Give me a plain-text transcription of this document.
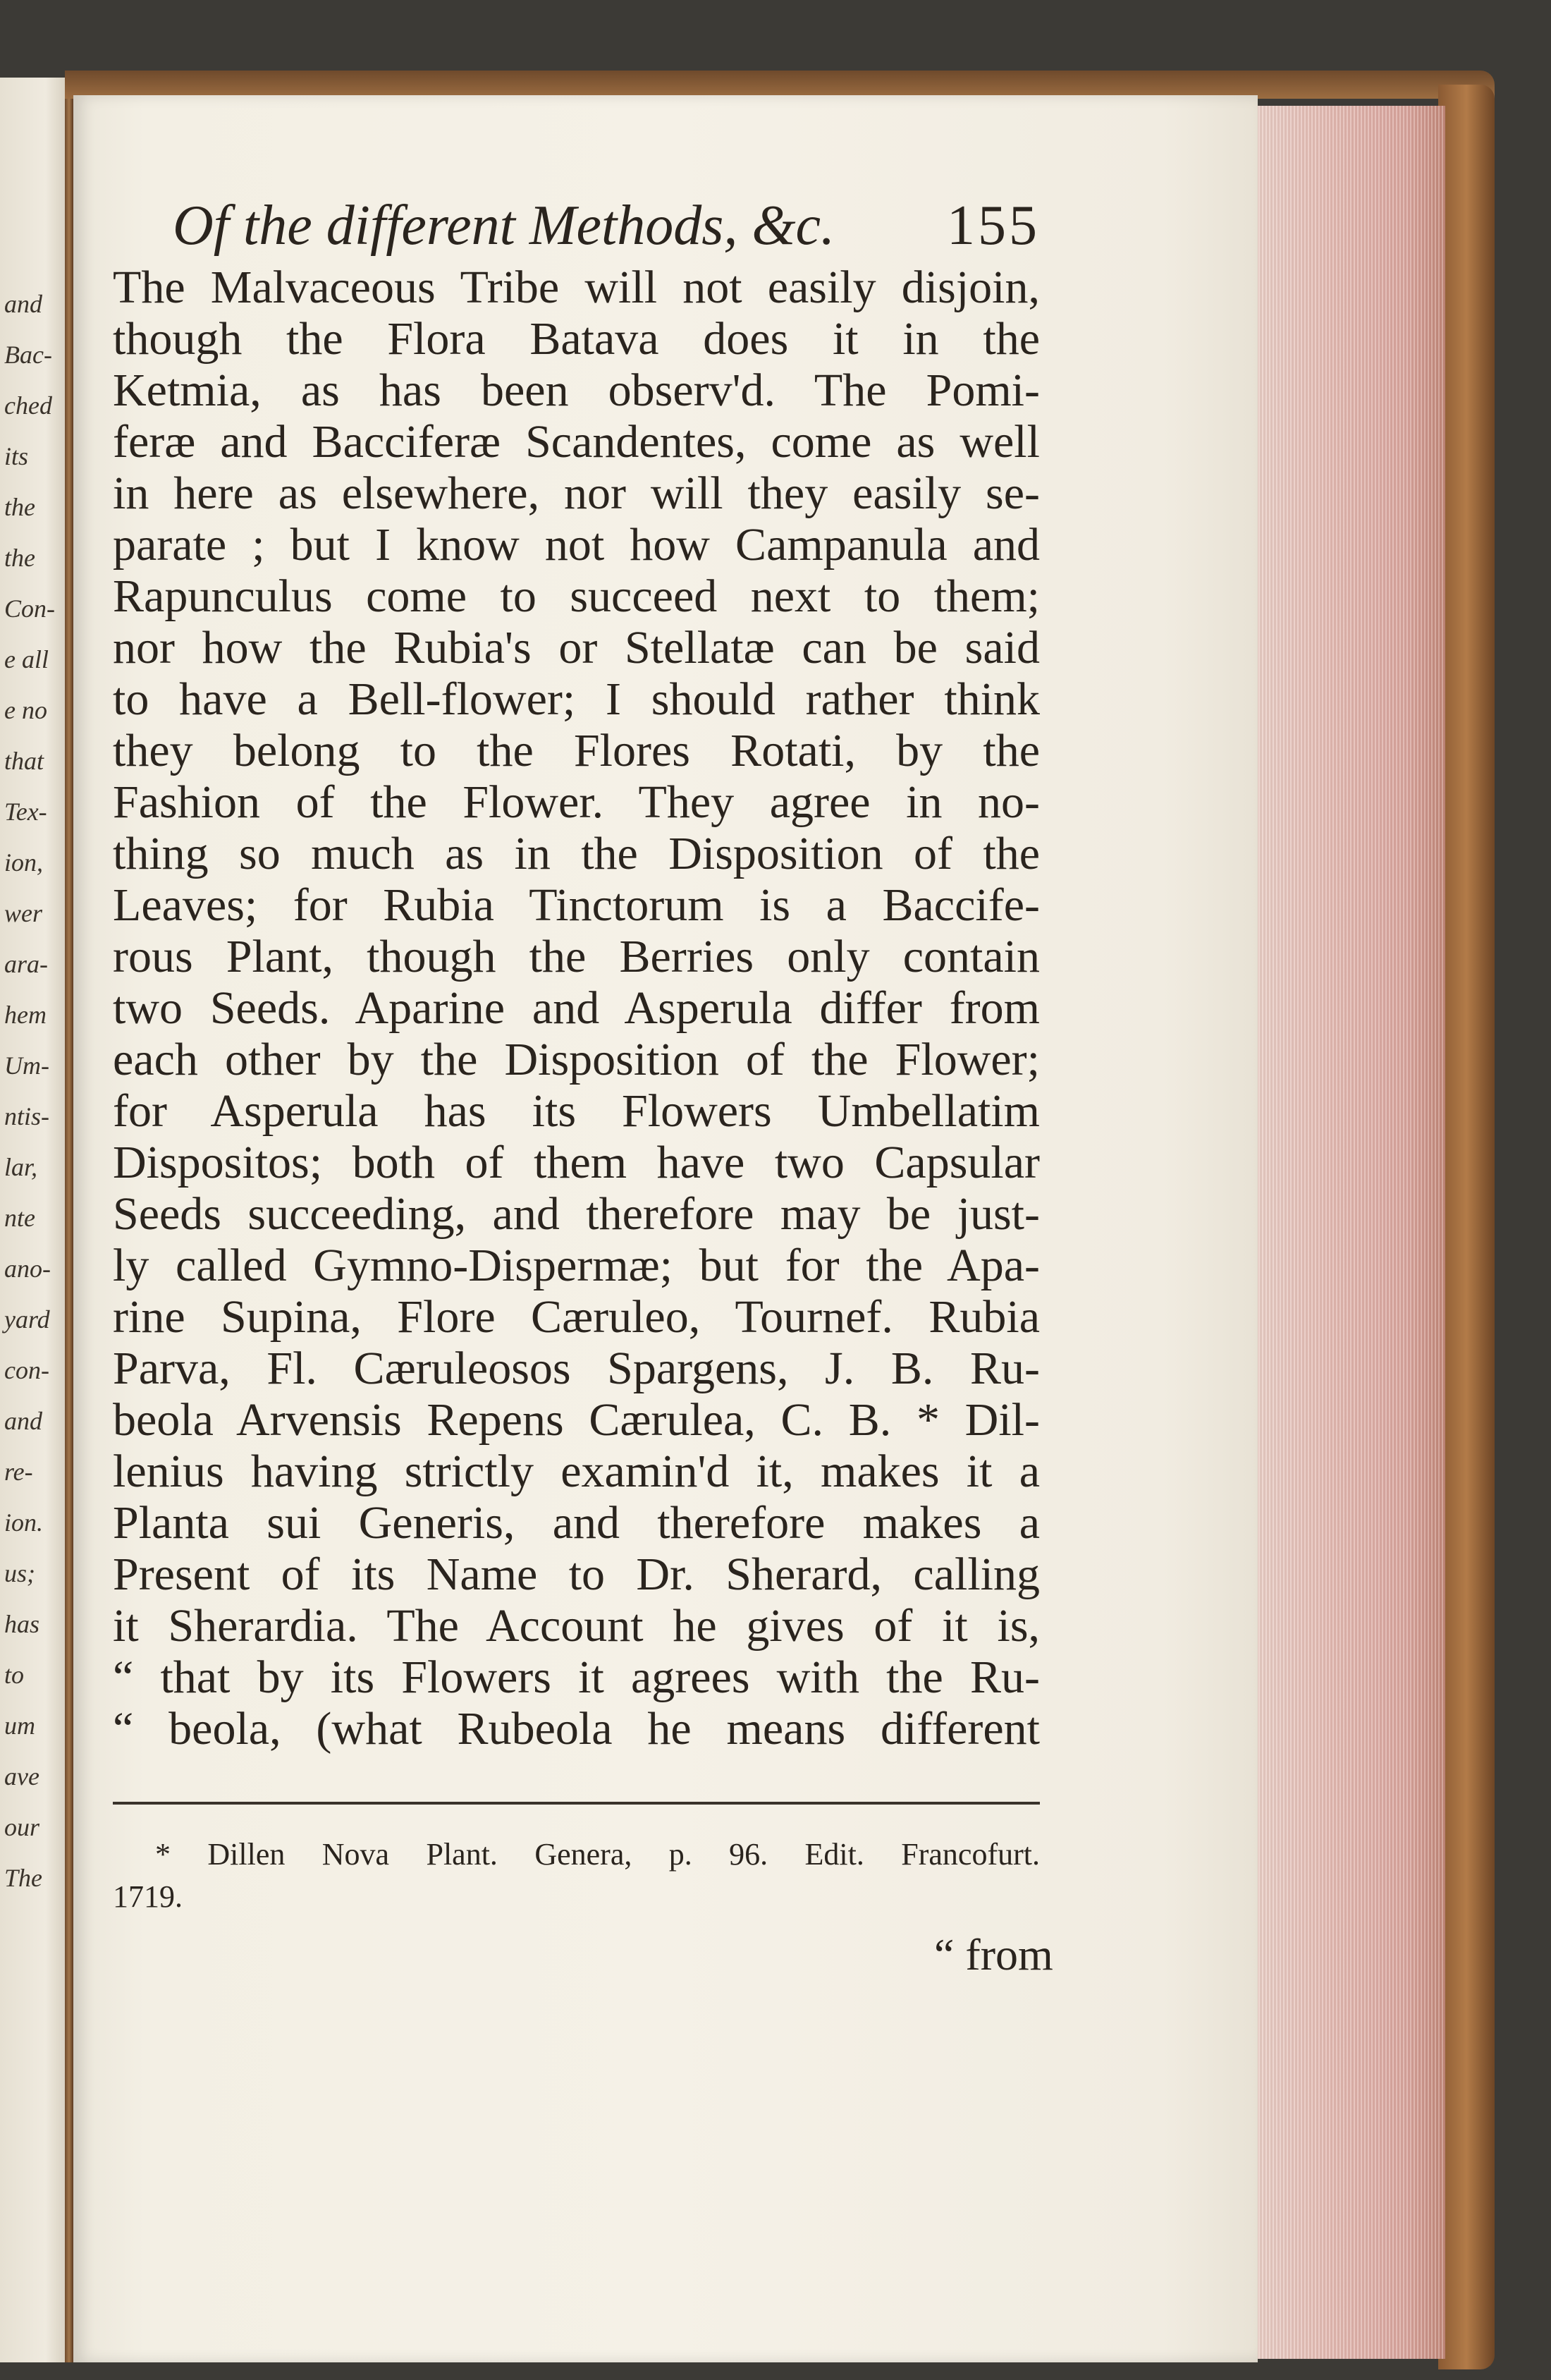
and
Bac-
ched
its
the
the
Con-
e all
e no
that
Tex-
ion,
wer
ara-
hem
Um-
ntis-
lar,
nte
ano-
yard
con-
and
re-
ion.
us;
has
to
um
ave
our
The
Of the different Methods, &c. 155
The Malvaceous Tribe will not easily disjoin,
though the Flora Batava does it in the
Ketmia, as has been observ'd. The Pomi-
feræ and Bacciferæ Scandentes, come as well
in here as elsewhere, nor will they easily se-
parate ; but I know not how Campanula and
Rapunculus come to succeed next to them;
nor how the Rubia's or Stellatæ can be said
to have a Bell-flower; I should rather think
they belong to the Flores Rotati, by the
Fashion of the Flower. They agree in no-
thing so much as in the Disposition of the
Leaves; for Rubia Tinctorum is a Baccife-
rous Plant, though the Berries only contain
two Seeds. Aparine and Asperula differ from
each other by the Disposition of the Flower;
for Asperula has its Flowers Umbellatim
Dispositos; both of them have two Capsular
Seeds succeeding, and therefore may be just-
ly called Gymno-Dispermæ; but for the Apa-
rine Supina, Flore Cæruleo, Tournef. Rubia
Parva, Fl. Cæruleosos Spargens, J. B. Ru-
beola Arvensis Repens Cærulea, C. B. * Dil-
lenius having strictly examin'd it, makes it a
Planta sui Generis, and therefore makes a
Present of its Name to Dr. Sherard, calling
it Sherardia. The Account he gives of it is,
“ that by its Flowers it agrees with the Ru-
“ beola, (what Rubeola he means different
* Dillen Nova Plant. Genera, p. 96. Edit. Francofurt.
1719.
“ from
